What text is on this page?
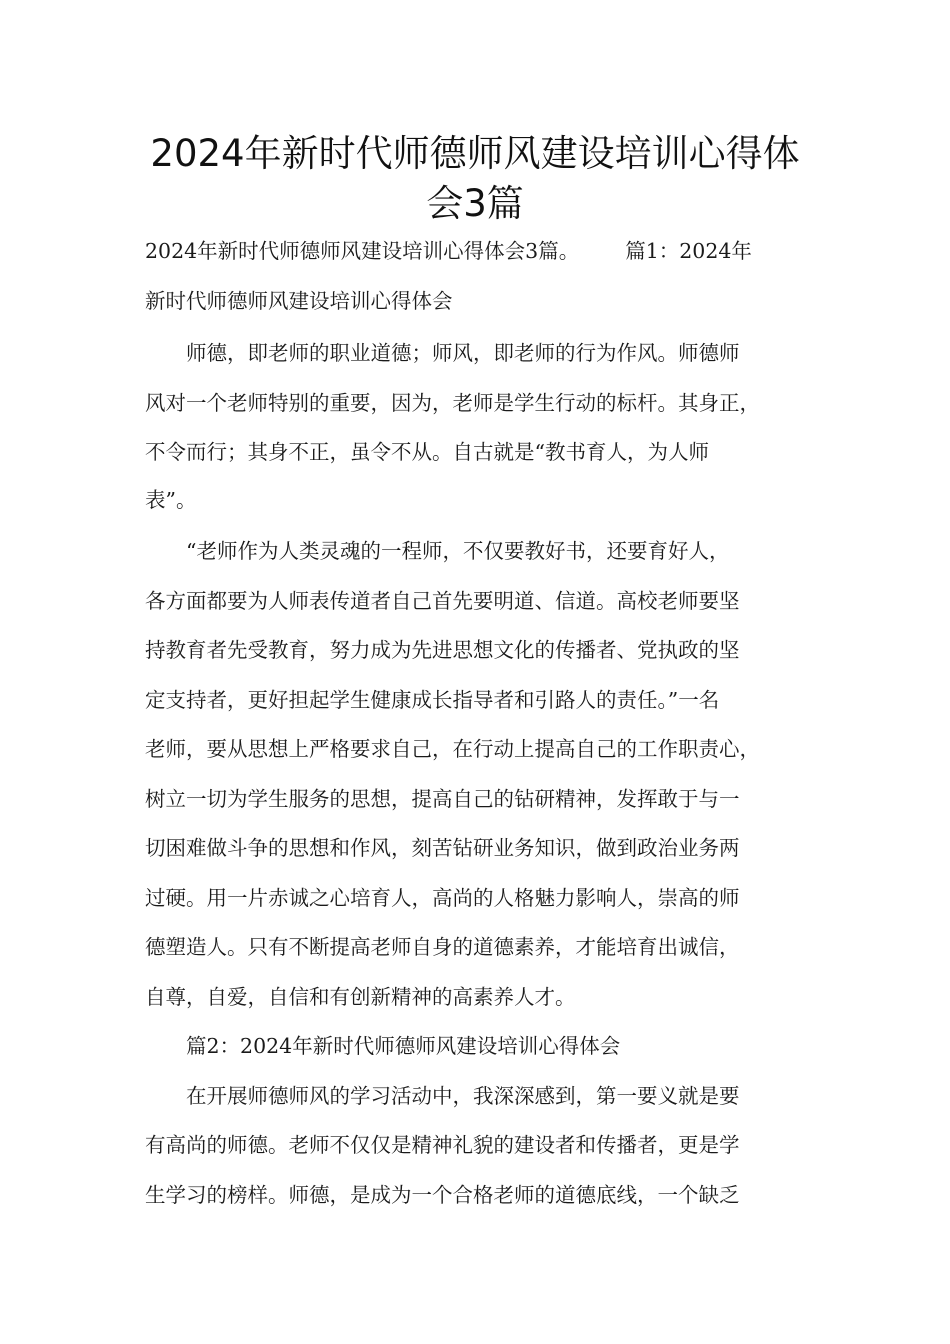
2024年新时代师德师风建设培训心得体
会3篇
2024年新时代师德师风建设培训心得体会3篇。 篇1：2024年
新时代师德师风建设培训心得体会
　　师德，即老师的职业道德；师风，即老师的行为作风。师德师
风对一个老师特别的重要，因为，老师是学生行动的标杆。其身正，
不令而行；其身不正，虽令不从。自古就是“教书育人，为人师
表”。
　　“老师作为人类灵魂的一程师，不仅要教好书，还要育好人，
各方面都要为人师表传道者自己首先要明道、信道。高校老师要坚
持教育者先受教育，努力成为先进思想文化的传播者、党执政的坚
定支持者，更好担起学生健康成长指导者和引路人的责任。”一名
老师，要从思想上严格要求自己，在行动上提高自己的工作职责心，
树立一切为学生服务的思想，提高自己的钻研精神，发挥敢于与一
切困难做斗争的思想和作风，刻苦钻研业务知识，做到政治业务两
过硬。用一片赤诚之心培育人，高尚的人格魅力影响人，崇高的师
德塑造人。只有不断提高老师自身的道德素养，才能培育出诚信，
自尊，自爱，自信和有创新精神的高素养人才。
　　篇2：2024年新时代师德师风建设培训心得体会
　　在开展师德师风的学习活动中，我深深感到，第一要义就是要
有高尚的师德。老师不仅仅是精神礼貌的建设者和传播者，更是学
生学习的榜样。师德，是成为一个合格老师的道德底线，一个缺乏
